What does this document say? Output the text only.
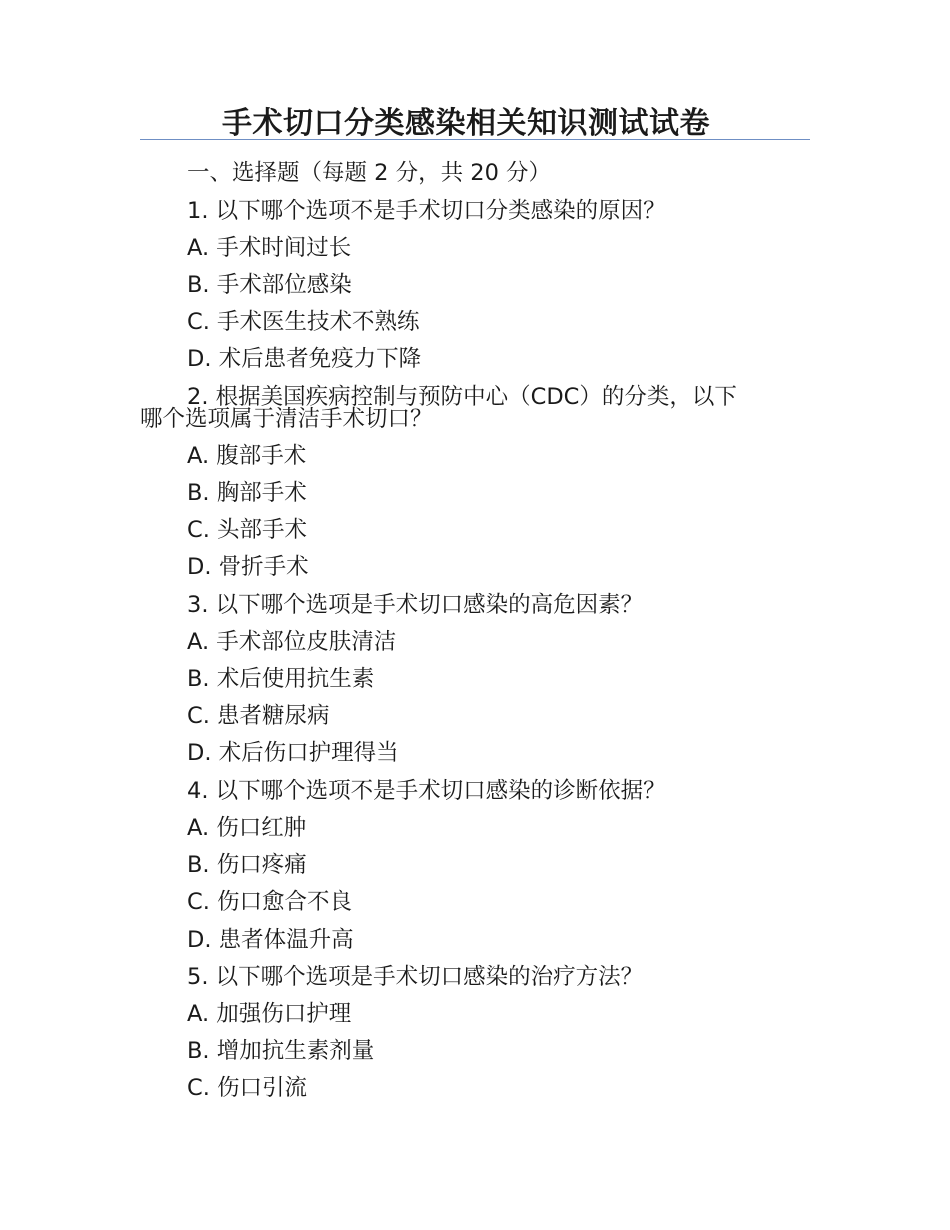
手术切口分类感染相关知识测试试卷
一、选择题（每题 2 分，共 20 分）
1. 以下哪个选项不是手术切口分类感染的原因？
A. 手术时间过长
B. 手术部位感染
C. 手术医生技术不熟练
D. 术后患者免疫力下降
2. 根据美国疾病控制与预防中心（CDC）的分类，以下
哪个选项属于清洁手术切口？
A. 腹部手术
B. 胸部手术
C. 头部手术
D. 骨折手术
3. 以下哪个选项是手术切口感染的高危因素？
A. 手术部位皮肤清洁
B. 术后使用抗生素
C. 患者糖尿病
D. 术后伤口护理得当
4. 以下哪个选项不是手术切口感染的诊断依据？
A. 伤口红肿
B. 伤口疼痛
C. 伤口愈合不良
D. 患者体温升高
5. 以下哪个选项是手术切口感染的治疗方法？
A. 加强伤口护理
B. 增加抗生素剂量
C. 伤口引流
